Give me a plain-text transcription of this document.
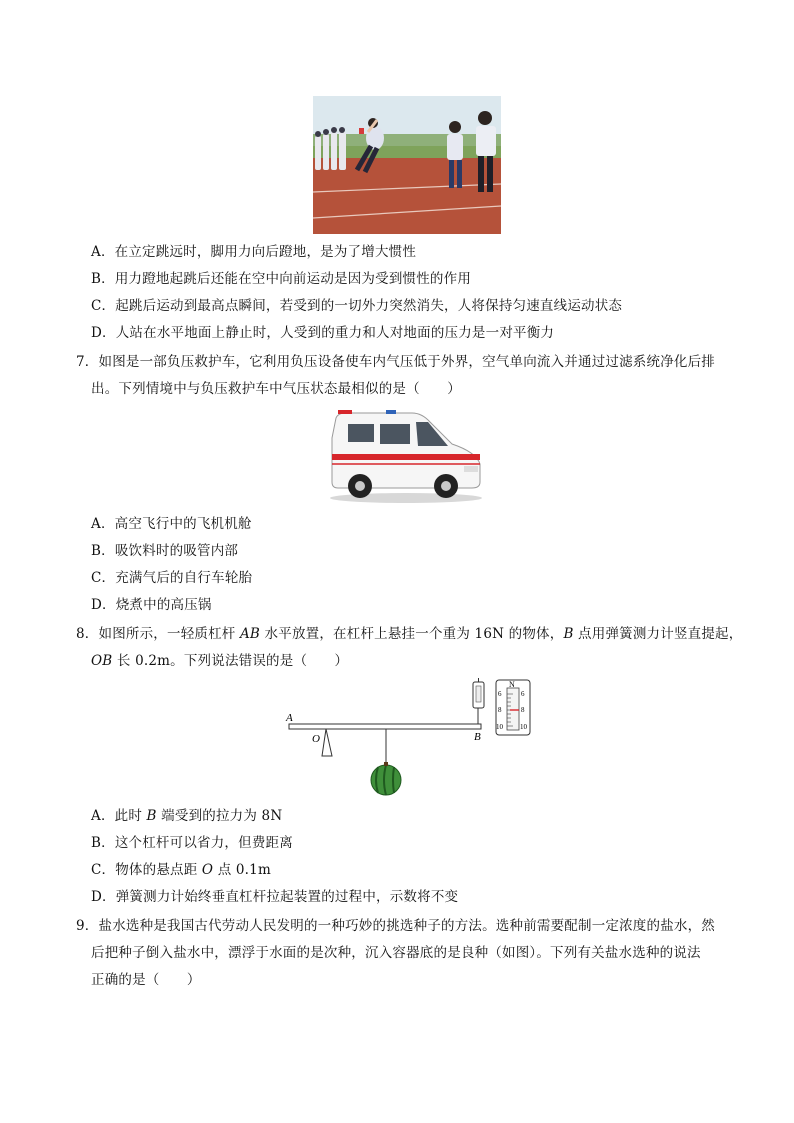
A．在立定跳远时，脚用力向后蹬地，是为了增大惯性
B．用力蹬地起跳后还能在空中向前运动是因为受到惯性的作用
C．起跳后运动到最高点瞬间，若受到的一切外力突然消失，人将保持匀速直线运动状态
D．人站在水平地面上静止时，人受到的重力和人对地面的压力是一对平衡力
7．如图是一部负压救护车，它利用负压设备使车内气压低于外界，空气单向流入并通过过滤系统净化后排
出。下列情境中与负压救护车中气压状态最相似的是（　　）
A．高空飞行中的飞机机舱
B．吸饮料时的吸管内部
C．充满气后的自行车轮胎
D．烧煮中的高压锅
8．如图所示，一轻质杠杆 AB 水平放置，在杠杆上悬挂一个重为 16N 的物体，B 点用弹簧测力计竖直提起，
OB 长 0.2m。下列说法错误的是（　　）
A
O	B
N
6
8
10
6
8
10
A．此时 B 端受到的拉力为 8N
B．这个杠杆可以省力，但费距离
C．物体的悬点距 O 点 0.1m
D．弹簧测力计始终垂直杠杆拉起装置的过程中，示数将不变
9．盐水选种是我国古代劳动人民发明的一种巧妙的挑选种子的方法。选种前需要配制一定浓度的盐水，然
后把种子倒入盐水中，漂浮于水面的是次种，沉入容器底的是良种（如图）。下列有关盐水选种的说法
正确的是（　　）
